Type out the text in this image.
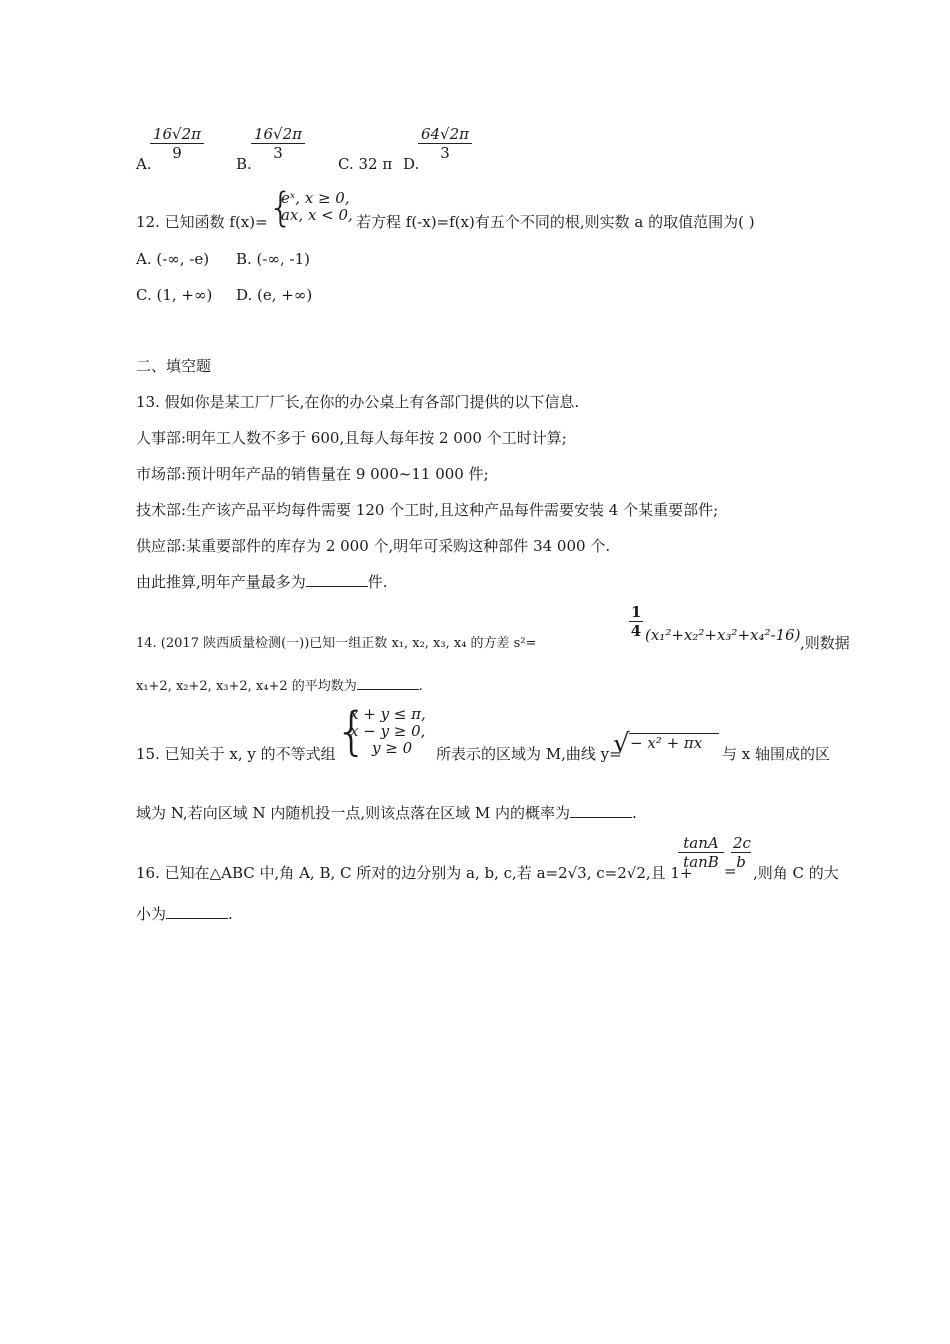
A.
16√2π
9
B.
16√2π
3
C. 32 π D.
64√2π
3
12. 已知函数 f(x)= {
eˣ, x ≥ 0,
ax, x < 0, 若方程 f(-x)=f(x)有五个不同的根,则实数 a 的取值范围为( )
A. (-∞, -e) B. (-∞, -1)
C. (1, +∞) D. (e, +∞)
二、填空题
13. 假如你是某工厂厂长,在你的办公桌上有各部门提供的以下信息.
人事部:明年工人数不多于 600,且每人每年按 2 000 个工时计算;
市场部:预计明年产品的销售量在 9 000~11 000 件;
技术部:生产该产品平均每件需要 120 个工时,且这种产品每件需要安装 4 个某重要部件;
供应部:某重要部件的库存为 2 000 个,明年可采购这种部件 34 000 个.
由此推算,明年产量最多为	件.
14. (2017 陕西质量检测(一))已知一组正数 x₁, x₂, x₃, x₄ 的方差 s²=
1
4 (x₁²+x₂²+x₃²+x₄²-16) ,则数据
x₁+2, x₂+2, x₃+2, x₄+2 的平均数为	.
15. 已知关于 x, y 的不等式组 {
x + y ≤ π,
x − y ≥ 0,
y ≥ 0 所表示的区域为 M,曲线 y=
√ − x² + πx
与 x 轴围成的区
域为 N,若向区域 N 内随机投一点,则该点落在区域 M 内的概率为	.
16. 已知在△ABC 中,角 A, B, C 所对的边分别为 a, b, c,若 a=2√3, c=2√2,且 1+
tanA
tanB =
2c
b
,则角 C 的大
小为	.
